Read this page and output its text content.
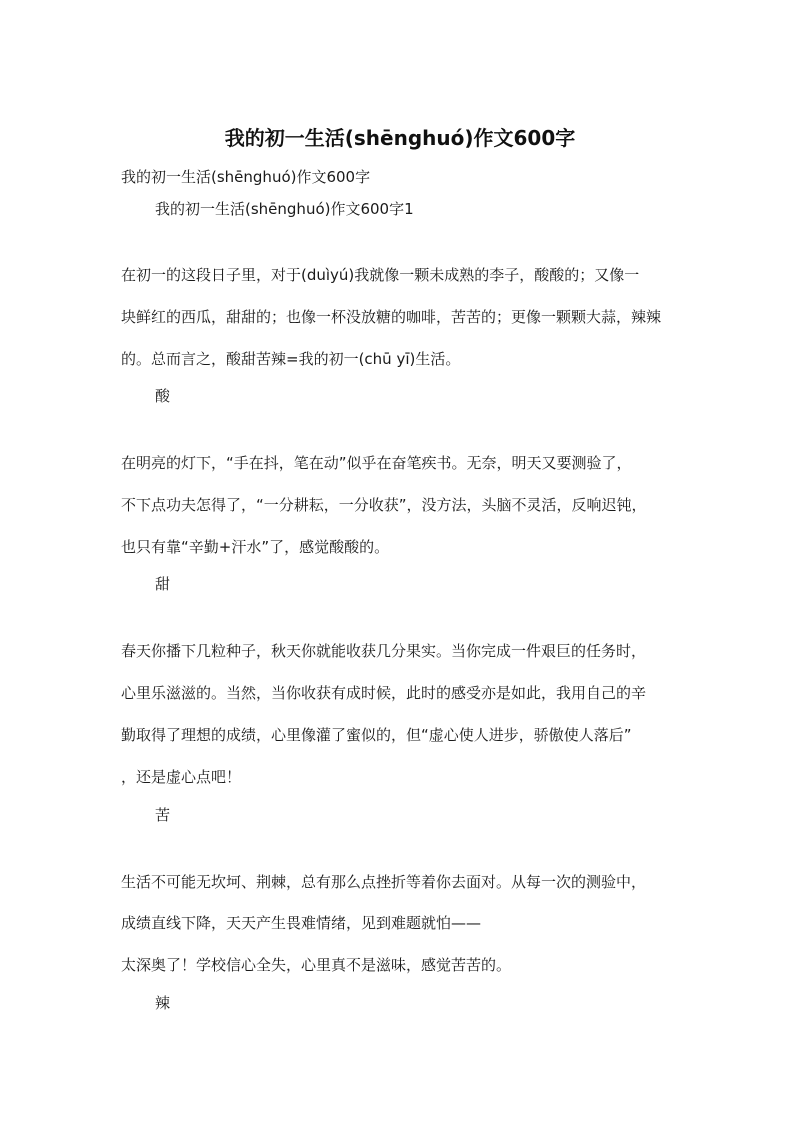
我的初一生活(shēnghuó)作文600字
我的初一生活(shēnghuó)作文600字
我的初一生活(shēnghuó)作文600字1
在初一的这段日子里，对于(duìyú)我就像一颗未成熟的李子，酸酸的；又像一
块鲜红的西瓜，甜甜的；也像一杯没放糖的咖啡，苦苦的；更像一颗颗大蒜，辣辣
的。总而言之，酸甜苦辣=我的初一(chū yī)生活。
酸
在明亮的灯下，“手在抖，笔在动”似乎在奋笔疾书。无奈，明天又要测验了，
不下点功夫怎得了，“一分耕耘，一分收获”，没方法，头脑不灵活，反响迟钝，
也只有靠“辛勤+汗水”了，感觉酸酸的。
甜
春天你播下几粒种子，秋天你就能收获几分果实。当你完成一件艰巨的任务时，
心里乐滋滋的。当然，当你收获有成时候，此时的感受亦是如此，我用自己的辛
勤取得了理想的成绩，心里像灌了蜜似的，但“虚心使人进步，骄傲使人落后”
，还是虚心点吧！
苦
生活不可能无坎坷、荆棘，总有那么点挫折等着你去面对。从每一次的测验中，
成绩直线下降，天天产生畏难情绪，见到难题就怕——
太深奥了！学校信心全失，心里真不是滋味，感觉苦苦的。
辣
